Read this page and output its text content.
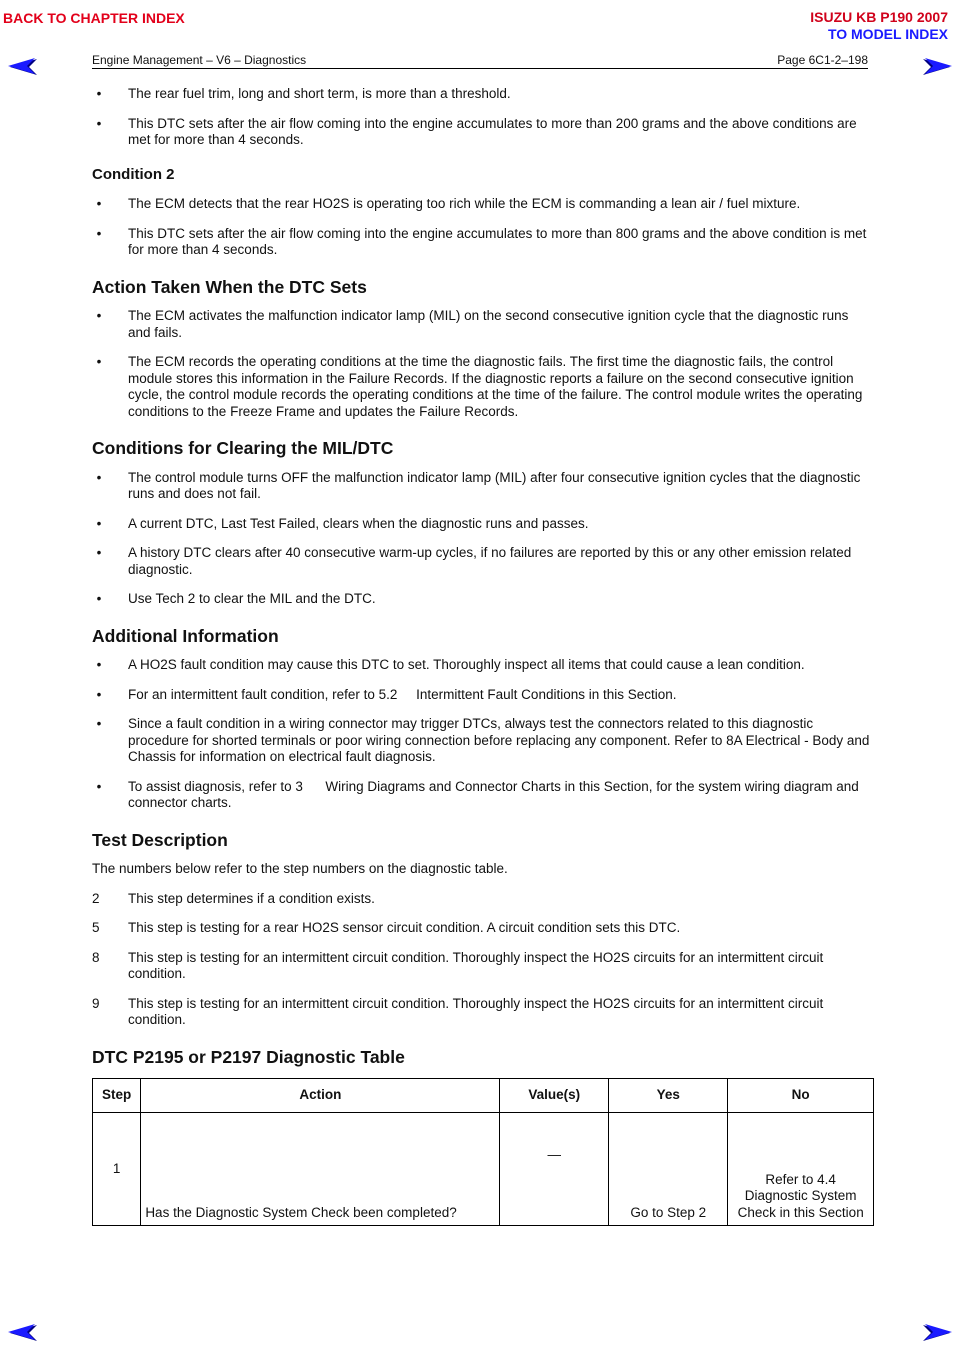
BACK TO CHAPTER INDEX	ISUZU KB P190 2007
TO MODEL INDEX
Engine Management – V6 – Diagnostics	Page 6C1-2–198
•	The rear fuel trim, long and short term, is more than a threshold.
•	This DTC sets after the air flow coming into the engine accumulates to more than 200 grams and the above conditions are met for more than 4 seconds.
Condition 2
•	The ECM detects that the rear HO2S is operating too rich while the ECM is commanding a lean air / fuel mixture.
•	This DTC sets after the air flow coming into the engine accumulates to more than 800 grams and the above condition is met for more than 4 seconds.
Action Taken When the DTC Sets
•	The ECM activates the malfunction indicator lamp (MIL) on the second consecutive ignition cycle that the diagnostic runs and fails.
•	The ECM records the operating conditions at the time the diagnostic fails. The first time the diagnostic fails, the control module stores this information in the Failure Records. If the diagnostic reports a failure on the second consecutive ignition cycle, the control module records the operating conditions at the time of the failure. The control module writes the operating conditions to the Freeze Frame and updates the Failure Records.
Conditions for Clearing the MIL/DTC
•	The control module turns OFF the malfunction indicator lamp (MIL) after four consecutive ignition cycles that the diagnostic runs and does not fail.
•	A current DTC, Last Test Failed, clears when the diagnostic runs and passes.
•	A history DTC clears after 40 consecutive warm-up cycles, if no failures are reported by this or any other emission related diagnostic.
•	Use Tech 2 to clear the MIL and the DTC.
Additional Information
•	A HO2S fault condition may cause this DTC to set. Thoroughly inspect all items that could cause a lean condition.
•	For an intermittent fault condition, refer to 5.2     Intermittent Fault Conditions in this Section.
•	Since a fault condition in a wiring connector may trigger DTCs, always test the connectors related to this diagnostic procedure for shorted terminals or poor wiring connection before replacing any component. Refer to 8A Electrical - Body and Chassis for information on electrical fault diagnosis.
•	To assist diagnosis, refer to 3      Wiring Diagrams and Connector Charts in this Section, for the system wiring diagram and connector charts.
Test Description

The numbers below refer to the step numbers on the diagnostic table.

2 This step determines if a condition exists.
5 This step is testing for a rear HO2S sensor circuit condition. A circuit condition sets this DTC.
8 This step is testing for an intermittent circuit condition. Thoroughly inspect the HO2S circuits for an intermittent circuit condition.
9 This step is testing for an intermittent circuit condition. Thoroughly inspect the HO2S circuits for an intermittent circuit condition.
DTC P2195 or P2197 Diagnostic Table
Step	Action	Value(s)	Yes	No
1	Has the Diagnostic System Check been completed?	—	Go to Step 2	Refer to 4.4     Diagnostic System Check in this Section
